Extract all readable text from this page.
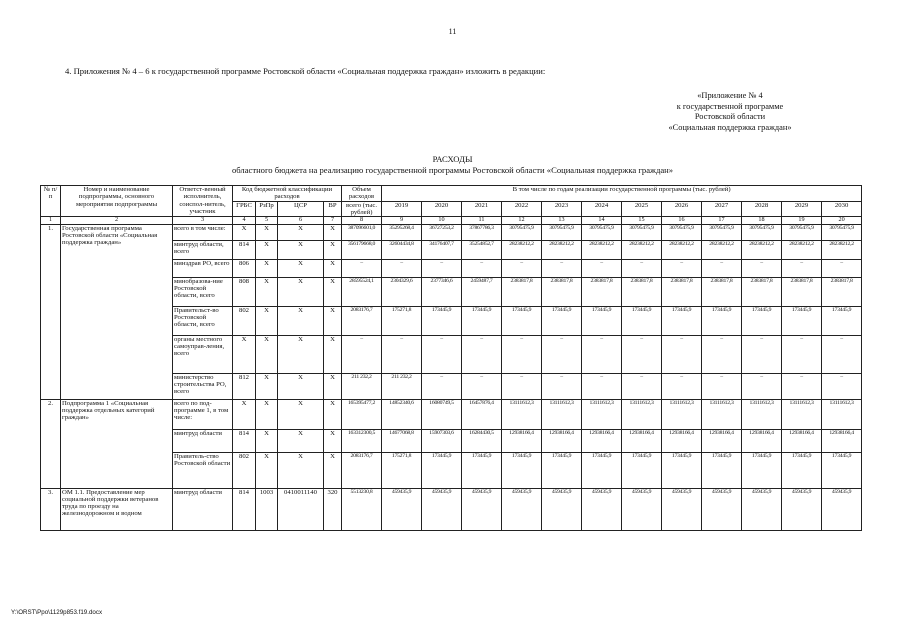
11
4. Приложения № 4 – 6 к государственной программе Ростовской области «Социальная поддержка граждан» изложить в редакции:
«Приложение № 4
к государственной программе
Ростовской области
«Социальная поддержка граждан»
РАСХОДЫ
областного бюджета на реализацию государственной программы Ростовской области «Социальная поддержка граждан»
№ п/п	Номер и наименование подпрограммы, основного мероприятия подпрограммы	Ответст-венный исполнитель, соиспол-нитель, участник	Код бюджетной классификации расходов				Объем расходов	В том числе по годам реализации государственной программы (тыс. рублей)											
			ГРБС	РзПр	ЦСР	ВР	всего (тыс. рублей)	2019	2020	2021	2022	2023	2024	2025	2026	2027	2028	2029	2030
1	2	3	4	5	6	7	8	9	10	11	12	13	14	15	16	17	18	19	20
1.	Государственная программа Ростовской области «Социальная поддержка граждан»	всего в том числе:	Х	Х	Х	Х	387096601,0	35295268,4	36727253,2	37867786,3	30795475,9	30795475,9	30795475,9	30795475,9	30795475,9	30795475,9	30795475,9	30795475,9	30795475,9
		минтруд области, всего	814	Х	Х	Х	356179668,0	32604434,8	34176407,7	35254852,7	28238212,2	28238212,2	28238212,2	28238212,2	28238212,2	28238212,2	28238212,2	28238212,2	28238212,2
		минздрав РО, всего	806	Х	Х	Х	–	–	–	–	–	–	–	–	–	–	–	–	–
		минобразова-ние Ростовской области, всего	808	Х	Х	Х	28595524,1	2304329,6	2377346,6	2459487,7	2383817,8	2383817,8	2383817,8	2383817,8	2383817,8	2383817,8	2383817,8	2383817,8	2383817,8
		Правительст-во Ростовской области, всего	802	Х	Х	Х	2083176,7	175271,8	173445,9	173445,9	173445,9	173445,9	173445,9	173445,9	173445,9	173445,9	173445,9	173445,9	173445,9
		органы местного самоуправ-ления, всего	Х	Х	Х	Х	–	–	–	–	–	–	–	–	–	–	–	–	–
		министерство строительства РО, всего	812	Х	Х	Х	211 232,2	211 232,2	–	–	–	–	–	–	–	–	–	–	–
2.	Подпрограмма 1 «Социальная поддержка отдельных категорий граждан»	всего по под-программе 1, в том числе:	Х	Х	Х	Х	165395477,2	14852340,6	16080749,5	16457876,4	13111612,3	13111612,3	13111612,3	13111612,3	13111612,3	13111612,3	13111612,3	13111612,3	13111612,3
		минтруд области	814	Х	Х	Х	163312300,5	14677068,8	15907303,6	16284430,5	12938166,4	12938166,4	12938166,4	12938166,4	12938166,4	12938166,4	12938166,4	12938166,4	12938166,4
		Правитель-ство Ростовской области	802	Х	Х	Х	2083176,7	175271,8	173445,9	173445,9	173445,9	173445,9	173445,9	173445,9	173445,9	173445,9	173445,9	173445,9	173445,9
3.	ОМ 1.1. Предоставление мер социальной поддержки ветеранов труда по проезду на железнодорожном и водном	минтруд области	814	1003	0410011140	320	5513230,8	459435,9	459435,9	459435,9	459435,9	459435,9	459435,9	459435,9	459435,9	459435,9	459435,9	459435,9	459435,9
Y:\ORST\Ppo\1129p853.f19.docx
